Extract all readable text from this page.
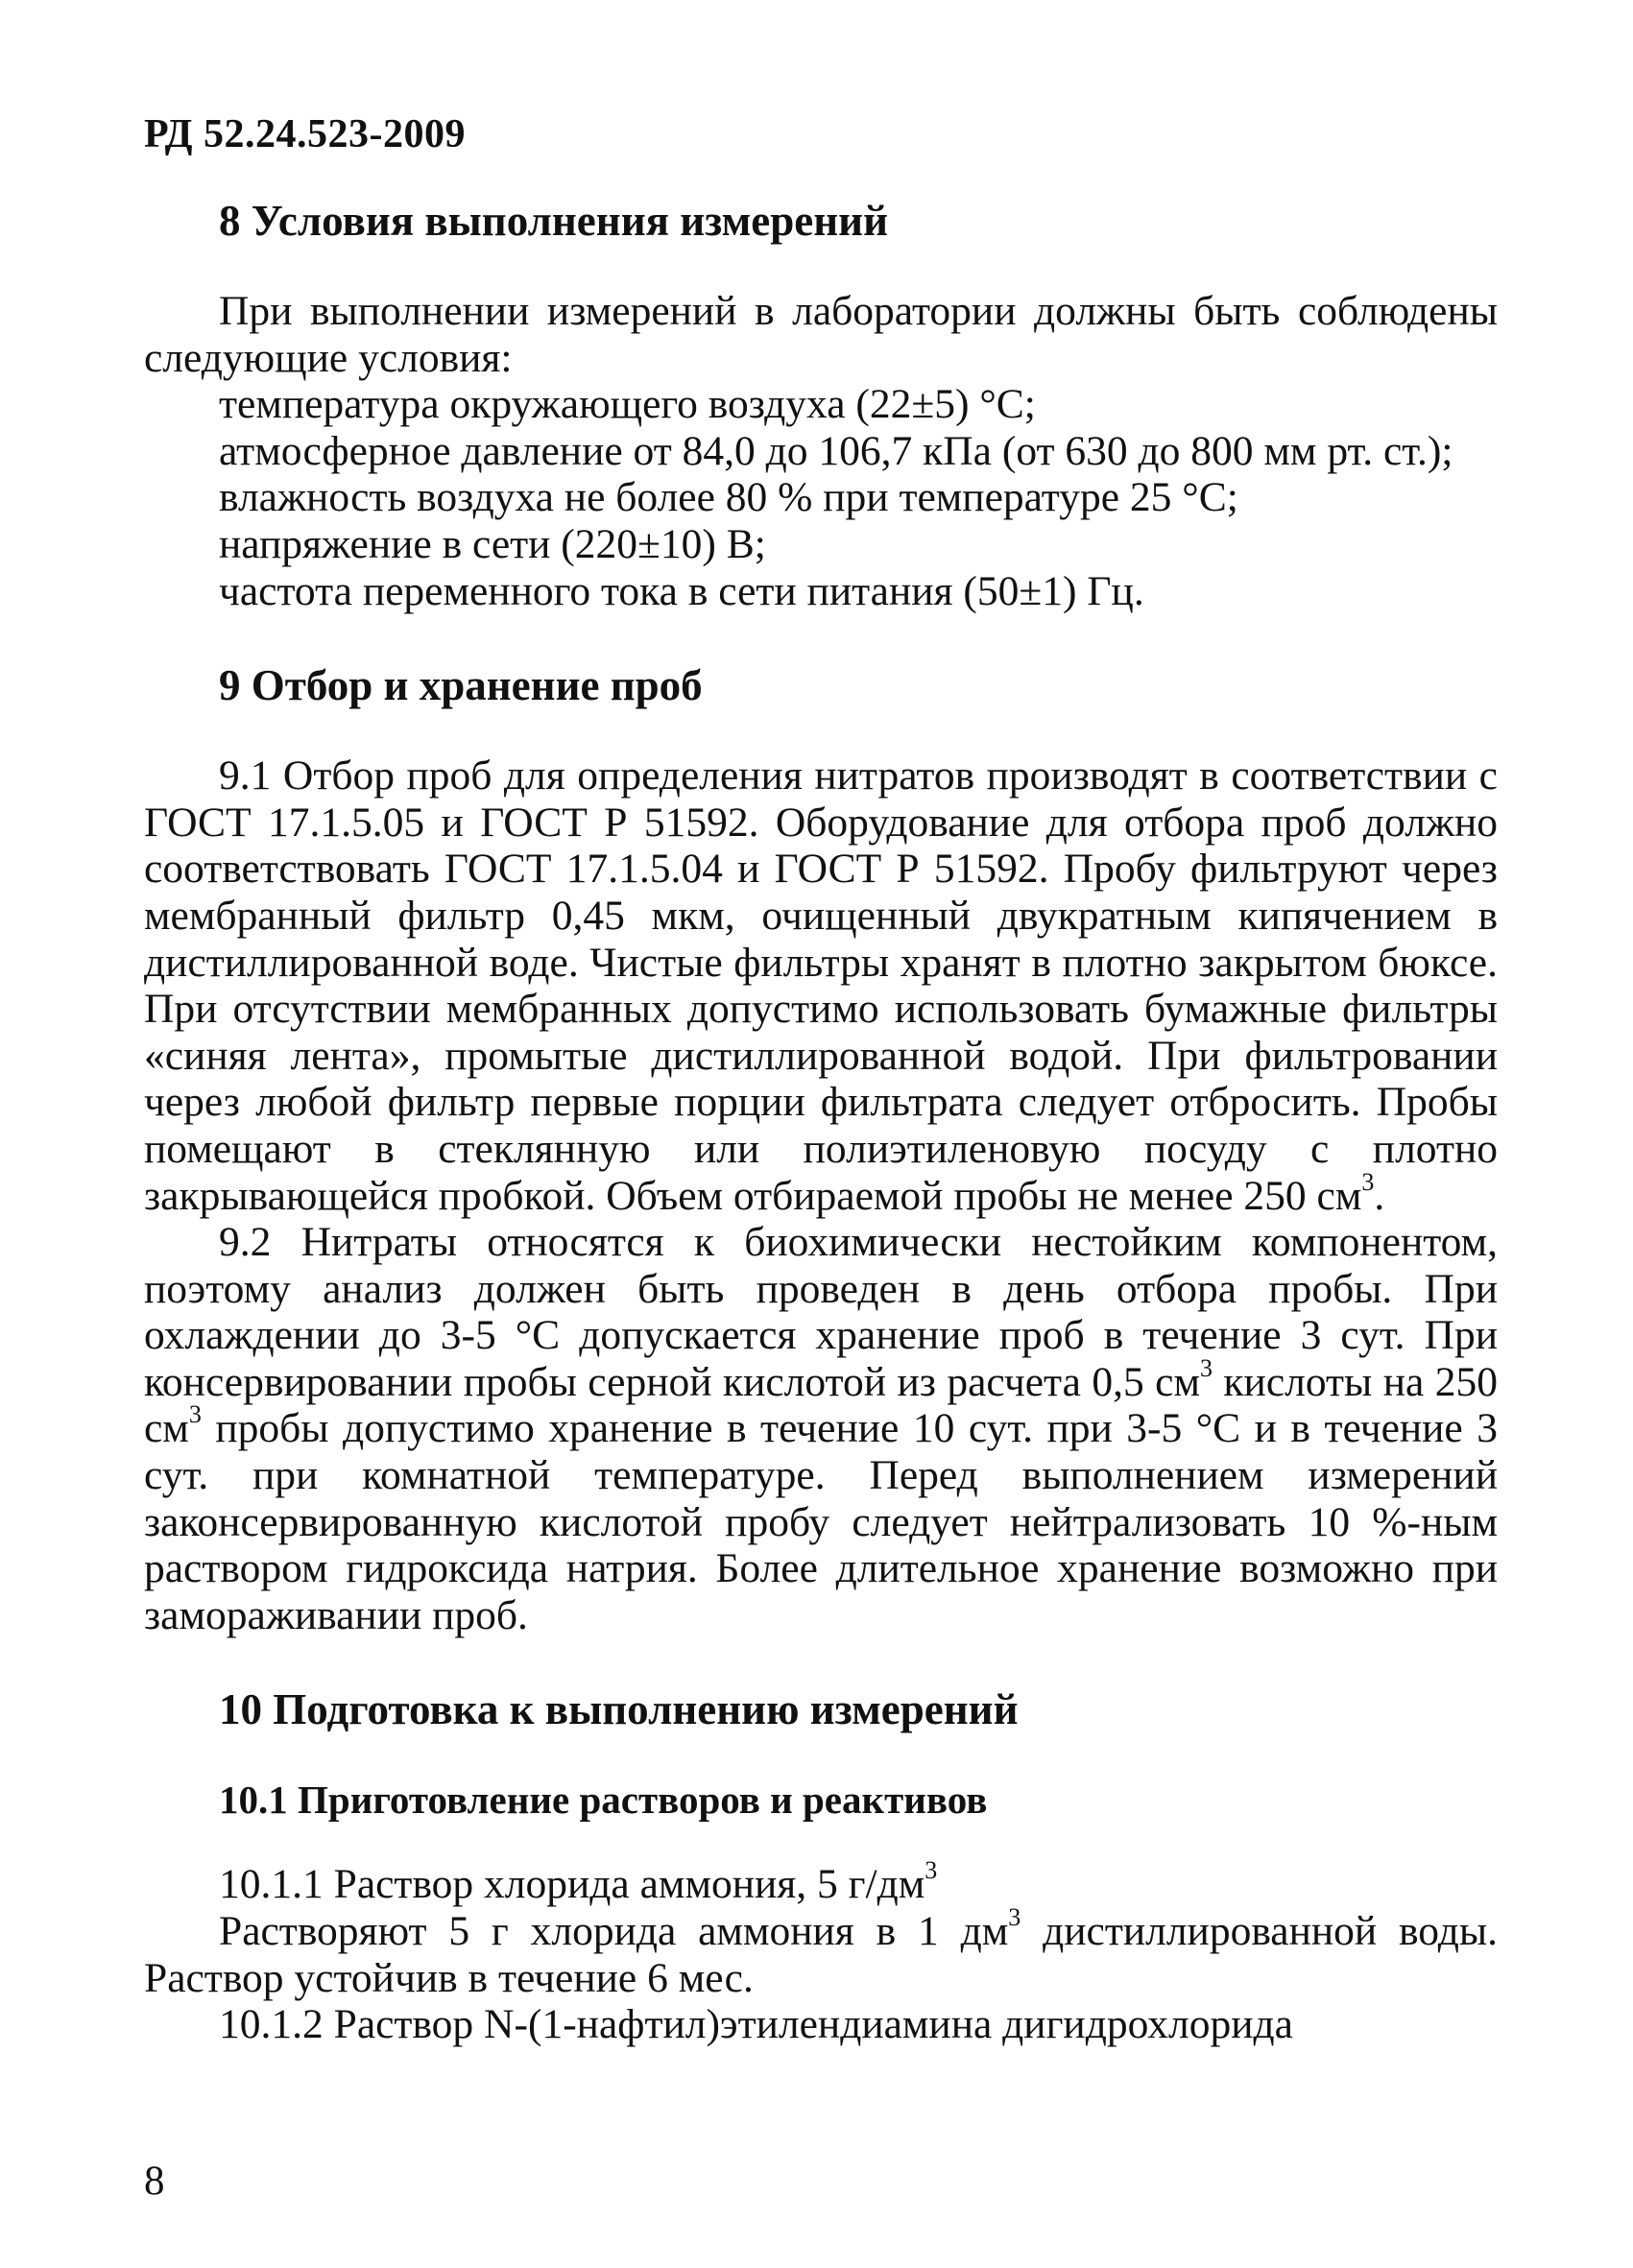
РД 52.24.523-2009
8 Условия выполнения измерений

При выполнении измерений в лаборатории должны быть соблюдены следующие условия:

температура окружающего воздуха (22±5) °С;
атмосферное давление от 84,0 до 106,7 кПа (от 630 до 800 мм рт. ст.);
влажность воздуха не более 80 % при температуре 25 °С;
напряжение в сети (220±10) В;
частота переменного тока в сети питания (50±1) Гц.
9 Отбор и хранение проб

9.1 Отбор проб для определения нитратов производят в соответствии с ГОСТ 17.1.5.05 и ГОСТ Р 51592. Оборудование для отбора проб должно соответствовать ГОСТ 17.1.5.04 и ГОСТ Р 51592. Пробу фильтруют через мембранный фильтр 0,45 мкм, очищенный двукратным кипячением в дистиллированной воде. Чистые фильтры хранят в плотно закрытом бюксе. При отсутствии мембранных допустимо использовать бумажные фильтры «синяя лента», промытые дистиллированной водой. При фильтровании через любой фильтр первые порции фильтрата следует отбросить. Пробы помещают в стеклянную или полиэтиленовую посуду с плотно закрывающейся пробкой. Объем отбираемой пробы не менее 250 $см^3$.

9.2 Нитраты относятся к биохимически нестойким компонентом, поэтому анализ должен быть проведен в день отбора пробы. При охлаждении до 3-5 °С допускается хранение проб в течение 3 сут. При консервировании пробы серной кислотой из расчета 0,5 $см^3$ кислоты на 250 $см^3$ пробы допустимо хранение в течение 10 сут. при 3-5 °С и в течение 3 сут. при комнатной температуре. Перед выполнением измерений законсервированную кислотой пробу следует нейтрализовать 10 %-ным раствором гидроксида натрия. Более длительное хранение возможно при замораживании проб.

10 Подготовка к выполнению измерений
10.1 Приготовление растворов и реактивов
10.1.1 Раствор хлорида аммония, 5 $г/дм^3$

Растворяют 5 г хлорида аммония в 1 $дм^3$ дистиллированной воды. Раствор устойчив в течение 6 мес.

10.1.2 Раствор N-(1-нафтил)этилендиамина дигидрохлорида
8
